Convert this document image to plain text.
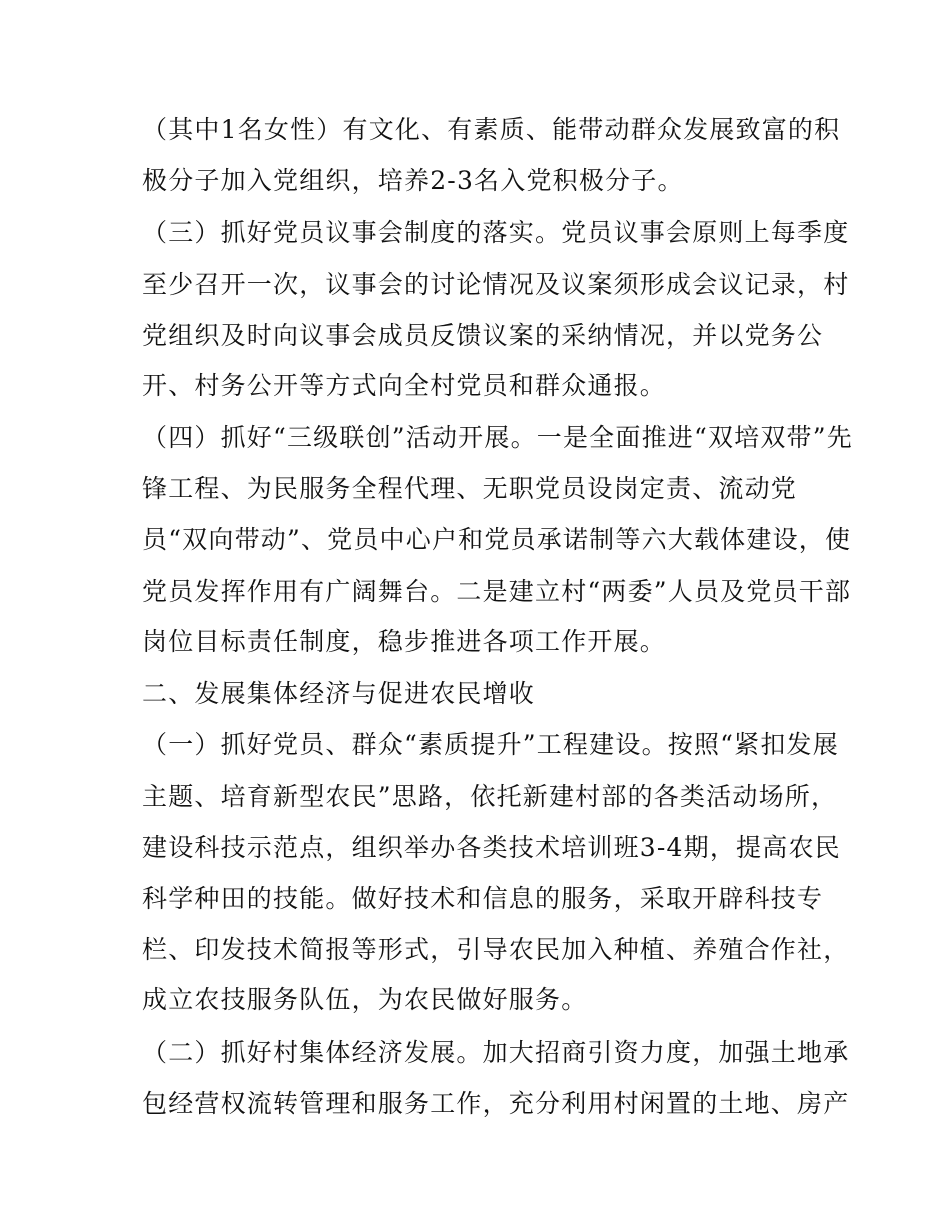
（其中1名女性）有文化、有素质、能带动群众发展致富的积
极分子加入党组织，培养2-3名入党积极分子。
（三）抓好党员议事会制度的落实。党员议事会原则上每季度
至少召开一次，议事会的讨论情况及议案须形成会议记录，村
党组织及时向议事会成员反馈议案的采纳情况，并以党务公
开、村务公开等方式向全村党员和群众通报。
（四）抓好“三级联创”活动开展。一是全面推进“双培双带”先
锋工程、为民服务全程代理、无职党员设岗定责、流动党
员“双向带动”、党员中心户和党员承诺制等六大载体建设，使
党员发挥作用有广阔舞台。二是建立村“两委”人员及党员干部
岗位目标责任制度，稳步推进各项工作开展。
二、发展集体经济与促进农民增收
（一）抓好党员、群众“素质提升”工程建设。按照“紧扣发展
主题、培育新型农民”思路，依托新建村部的各类活动场所，
建设科技示范点，组织举办各类技术培训班3-4期，提高农民
科学种田的技能。做好技术和信息的服务，采取开辟科技专
栏、印发技术简报等形式，引导农民加入种植、养殖合作社，
成立农技服务队伍，为农民做好服务。
（二）抓好村集体经济发展。加大招商引资力度，加强土地承
包经营权流转管理和服务工作，充分利用村闲置的土地、房产
